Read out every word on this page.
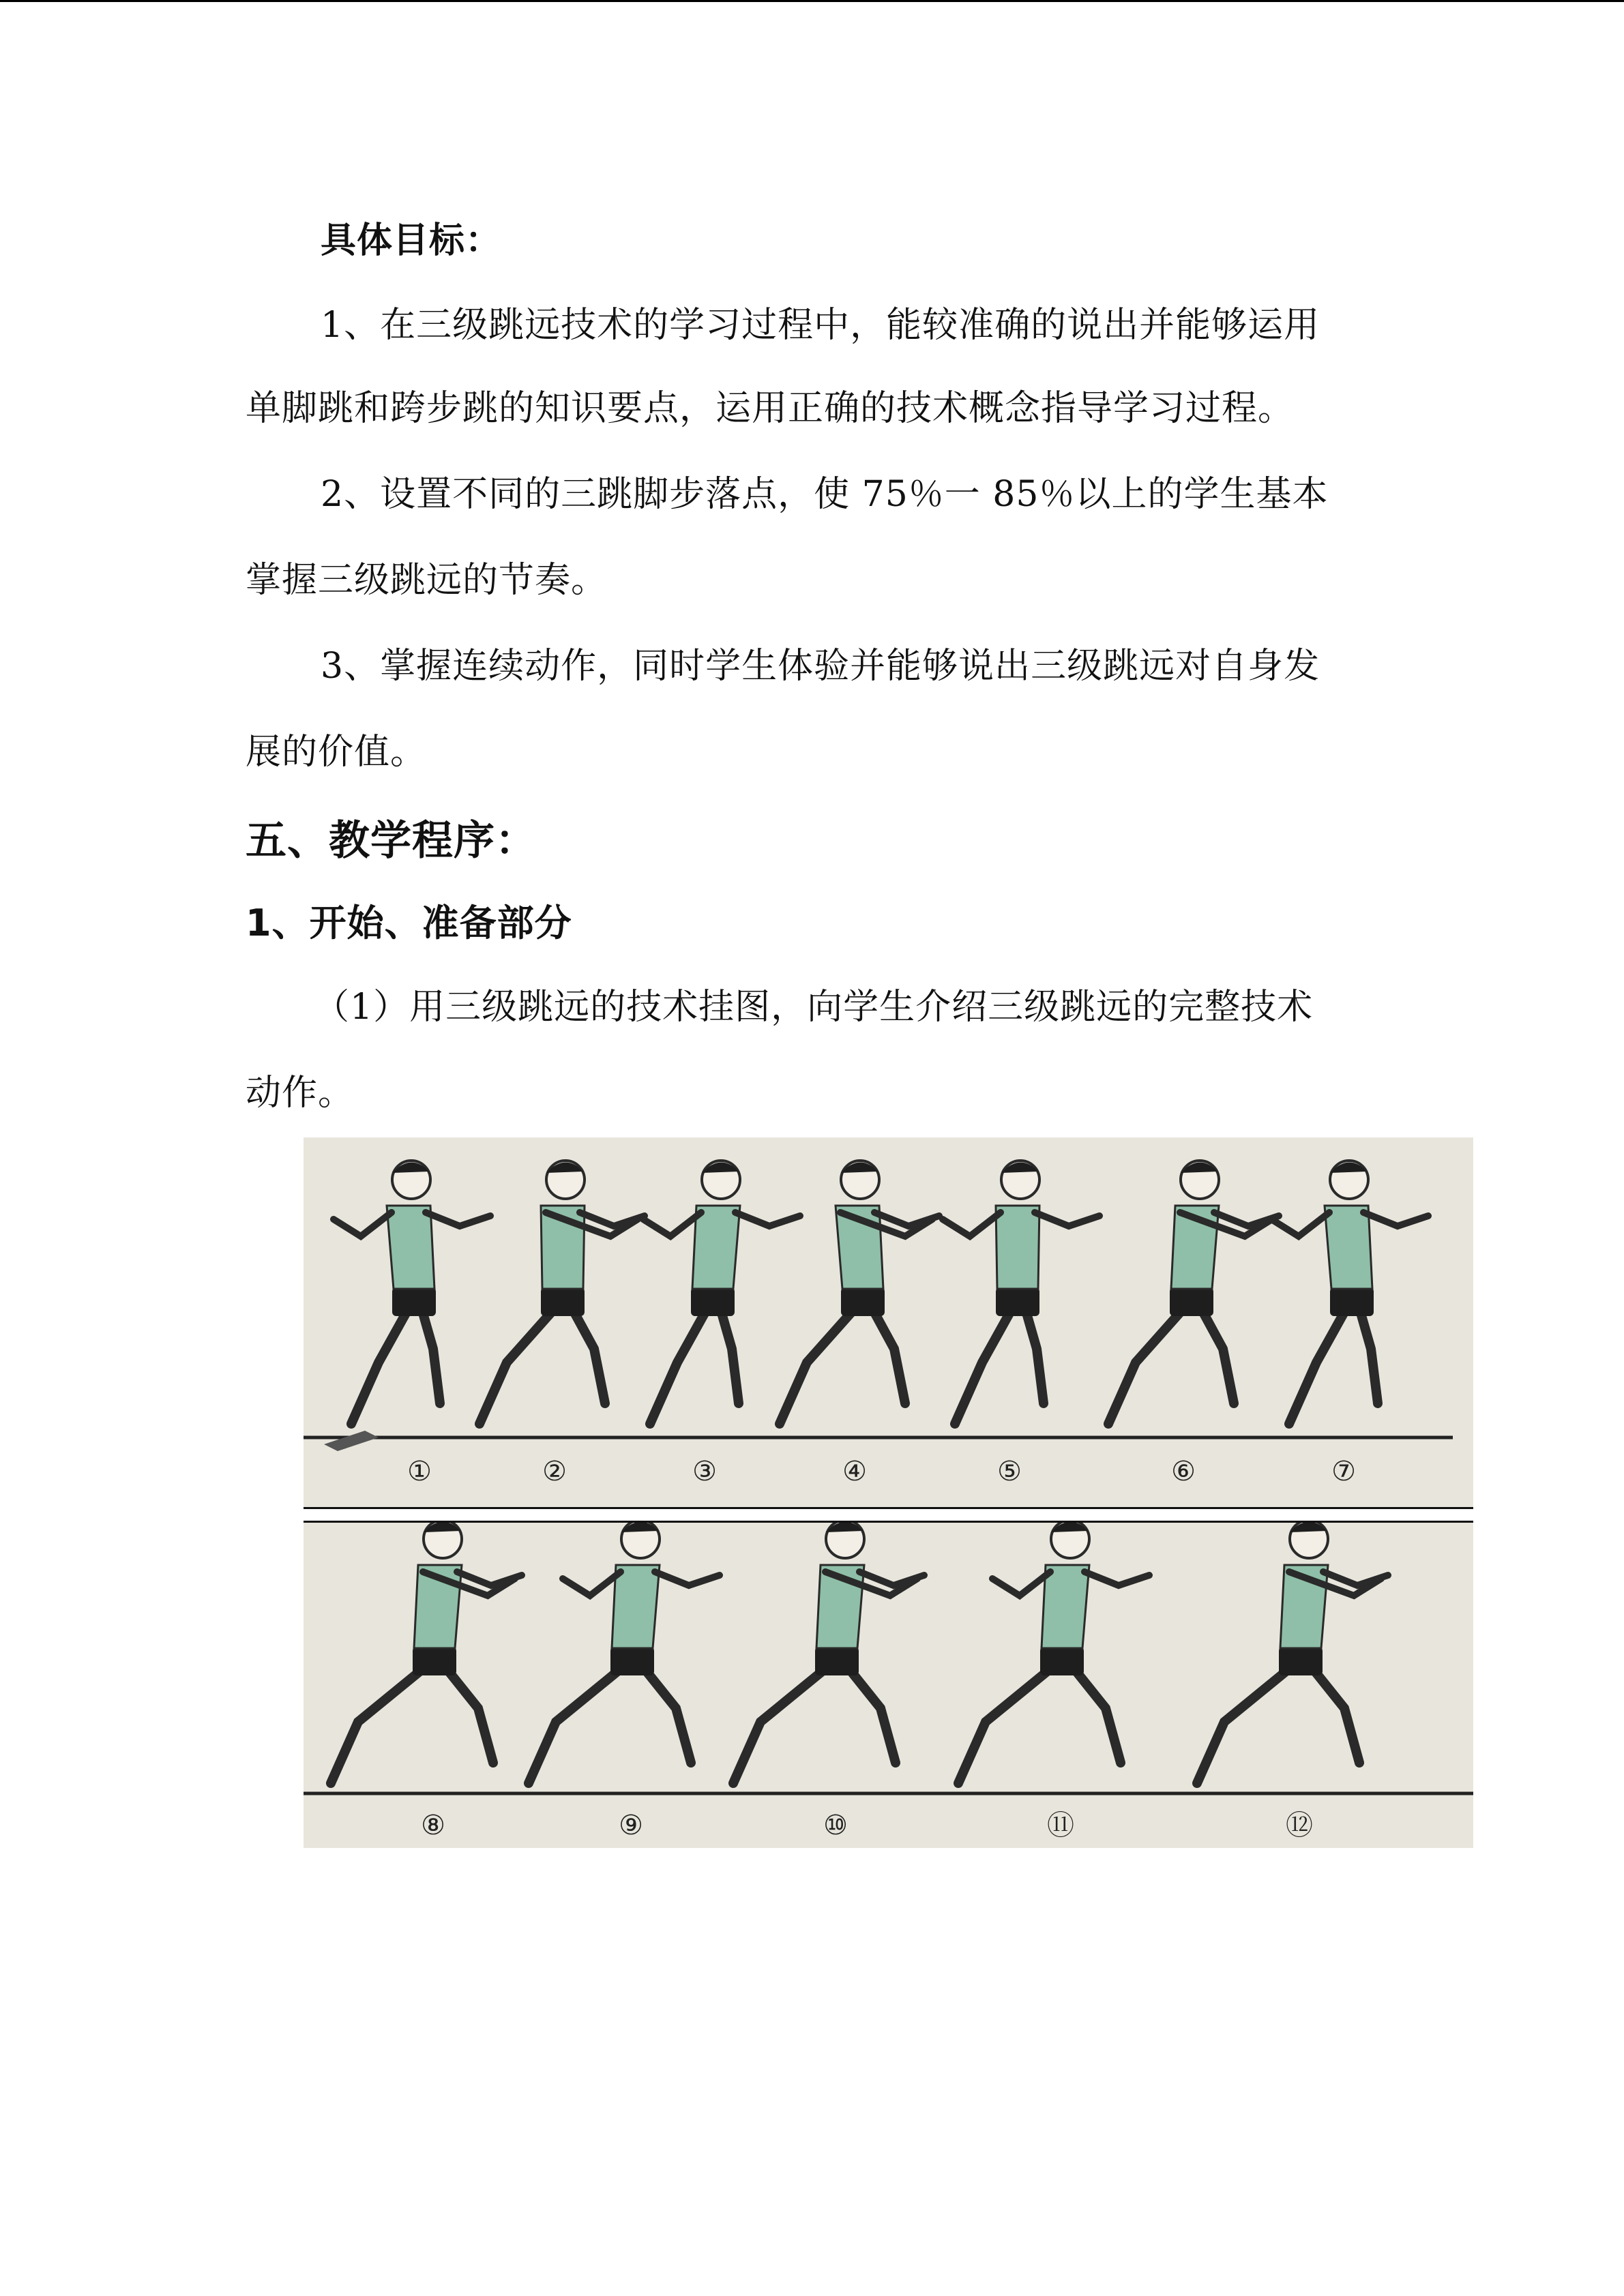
具体目标：

1、在三级跳远技术的学习过程中，能较准确的说出并能够运用

单脚跳和跨步跳的知识要点，运用正确的技术概念指导学习过程。

2、设置不同的三跳脚步落点，使 75％一 85％以上的学生基本

掌握三级跳远的节奏。

3、掌握连续动作，同时学生体验并能够说出三级跳远对自身发

展的价值。

五、教学程序：

1、开始、准备部分

（1）用三级跳远的技术挂图，向学生介绍三级跳远的完整技术

动作。

①	②	③	④	⑤	⑥	⑦
⑧	⑨	⑩	⑪	⑫
